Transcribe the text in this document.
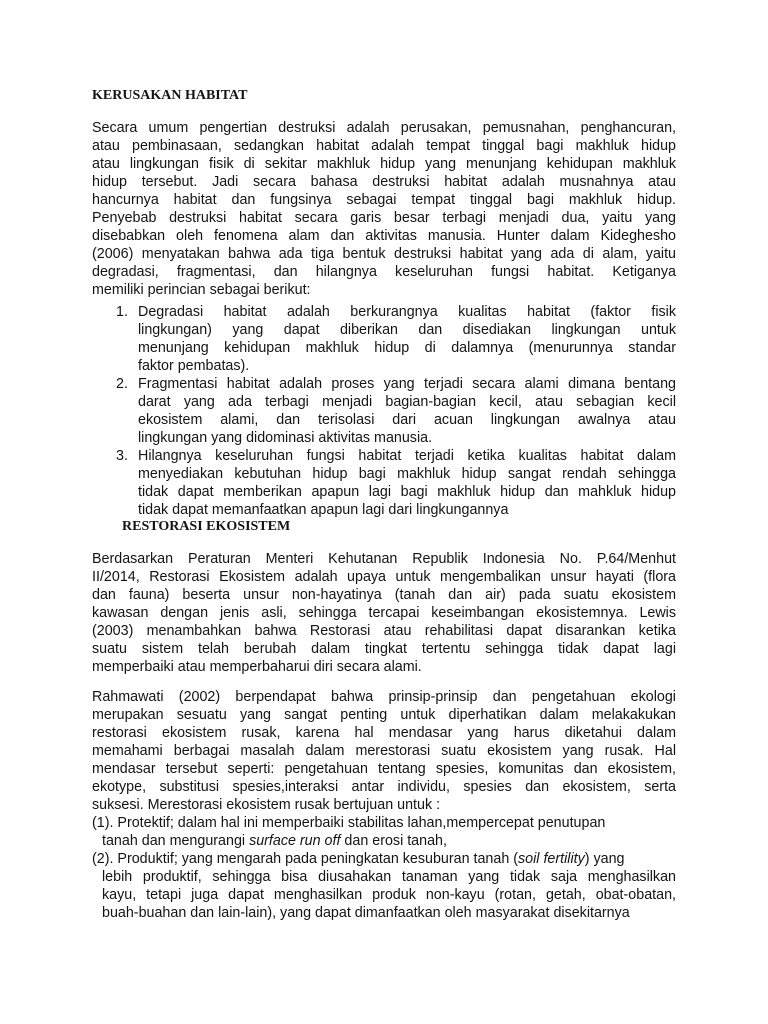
KERUSAKAN HABITAT
Secara umum pengertian destruksi adalah perusakan, pemusnahan, penghancuran,
atau pembinasaan, sedangkan habitat adalah tempat tinggal bagi makhluk hidup
atau lingkungan fisik di sekitar makhluk hidup yang menunjang kehidupan makhluk
hidup tersebut. Jadi secara bahasa destruksi habitat adalah musnahnya atau
hancurnya habitat dan fungsinya sebagai tempat tinggal bagi makhluk hidup.
Penyebab destruksi habitat secara garis besar terbagi menjadi dua, yaitu yang
disebabkan oleh fenomena alam dan aktivitas manusia. Hunter dalam Kideghesho
(2006) menyatakan bahwa ada tiga bentuk destruksi habitat yang ada di alam, yaitu
degradasi, fragmentasi, dan hilangnya keseluruhan fungsi habitat. Ketiganya
memiliki perincian sebagai berikut:
1. Degradasi habitat adalah berkurangnya kualitas habitat (faktor fisik
lingkungan) yang dapat diberikan dan disediakan lingkungan untuk
menunjang kehidupan makhluk hidup di dalamnya (menurunnya standar
faktor pembatas).
2. Fragmentasi habitat adalah proses yang terjadi secara alami dimana bentang
darat yang ada terbagi menjadi bagian-bagian kecil, atau sebagian kecil
ekosistem alami, dan terisolasi dari acuan lingkungan awalnya atau
lingkungan yang didominasi aktivitas manusia.
3. Hilangnya keseluruhan fungsi habitat terjadi ketika kualitas habitat dalam
menyediakan kebutuhan hidup bagi makhluk hidup sangat rendah sehingga
tidak dapat memberikan apapun lagi bagi makhluk hidup dan mahkluk hidup
tidak dapat memanfaatkan apapun lagi dari lingkungannya
RESTORASI EKOSISTEM
Berdasarkan Peraturan Menteri Kehutanan Republik Indonesia No. P.64/Menhut
II/2014, Restorasi Ekosistem adalah upaya untuk mengembalikan unsur hayati (flora
dan fauna) beserta unsur non-hayatinya (tanah dan air) pada suatu ekosistem
kawasan dengan jenis asli, sehingga tercapai keseimbangan ekosistemnya. Lewis
(2003) menambahkan bahwa Restorasi atau rehabilitasi dapat disarankan ketika
suatu sistem telah berubah dalam tingkat tertentu sehingga tidak dapat lagi
memperbaiki atau memperbaharui diri secara alami.
Rahmawati (2002) berpendapat bahwa prinsip-prinsip dan pengetahuan ekologi
merupakan sesuatu yang sangat penting untuk diperhatikan dalam melakakukan
restorasi ekosistem rusak, karena hal mendasar yang harus diketahui dalam
memahami berbagai masalah dalam merestorasi suatu ekosistem yang rusak. Hal
mendasar tersebut seperti: pengetahuan tentang spesies, komunitas dan ekosistem,
ekotype, substitusi spesies,interaksi antar individu, spesies dan ekosistem, serta
suksesi. Merestorasi ekosistem rusak bertujuan untuk :
(1). Protektif; dalam hal ini memperbaiki stabilitas lahan,mempercepat penutupan
tanah dan mengurangi surface run off dan erosi tanah,
(2). Produktif; yang mengarah pada peningkatan kesuburan tanah (soil fertility) yang
lebih produktif, sehingga bisa diusahakan tanaman yang tidak saja menghasilkan
kayu, tetapi juga dapat menghasilkan produk non-kayu (rotan, getah, obat-obatan,
buah-buahan dan lain-lain), yang dapat dimanfaatkan oleh masyarakat disekitarnya
